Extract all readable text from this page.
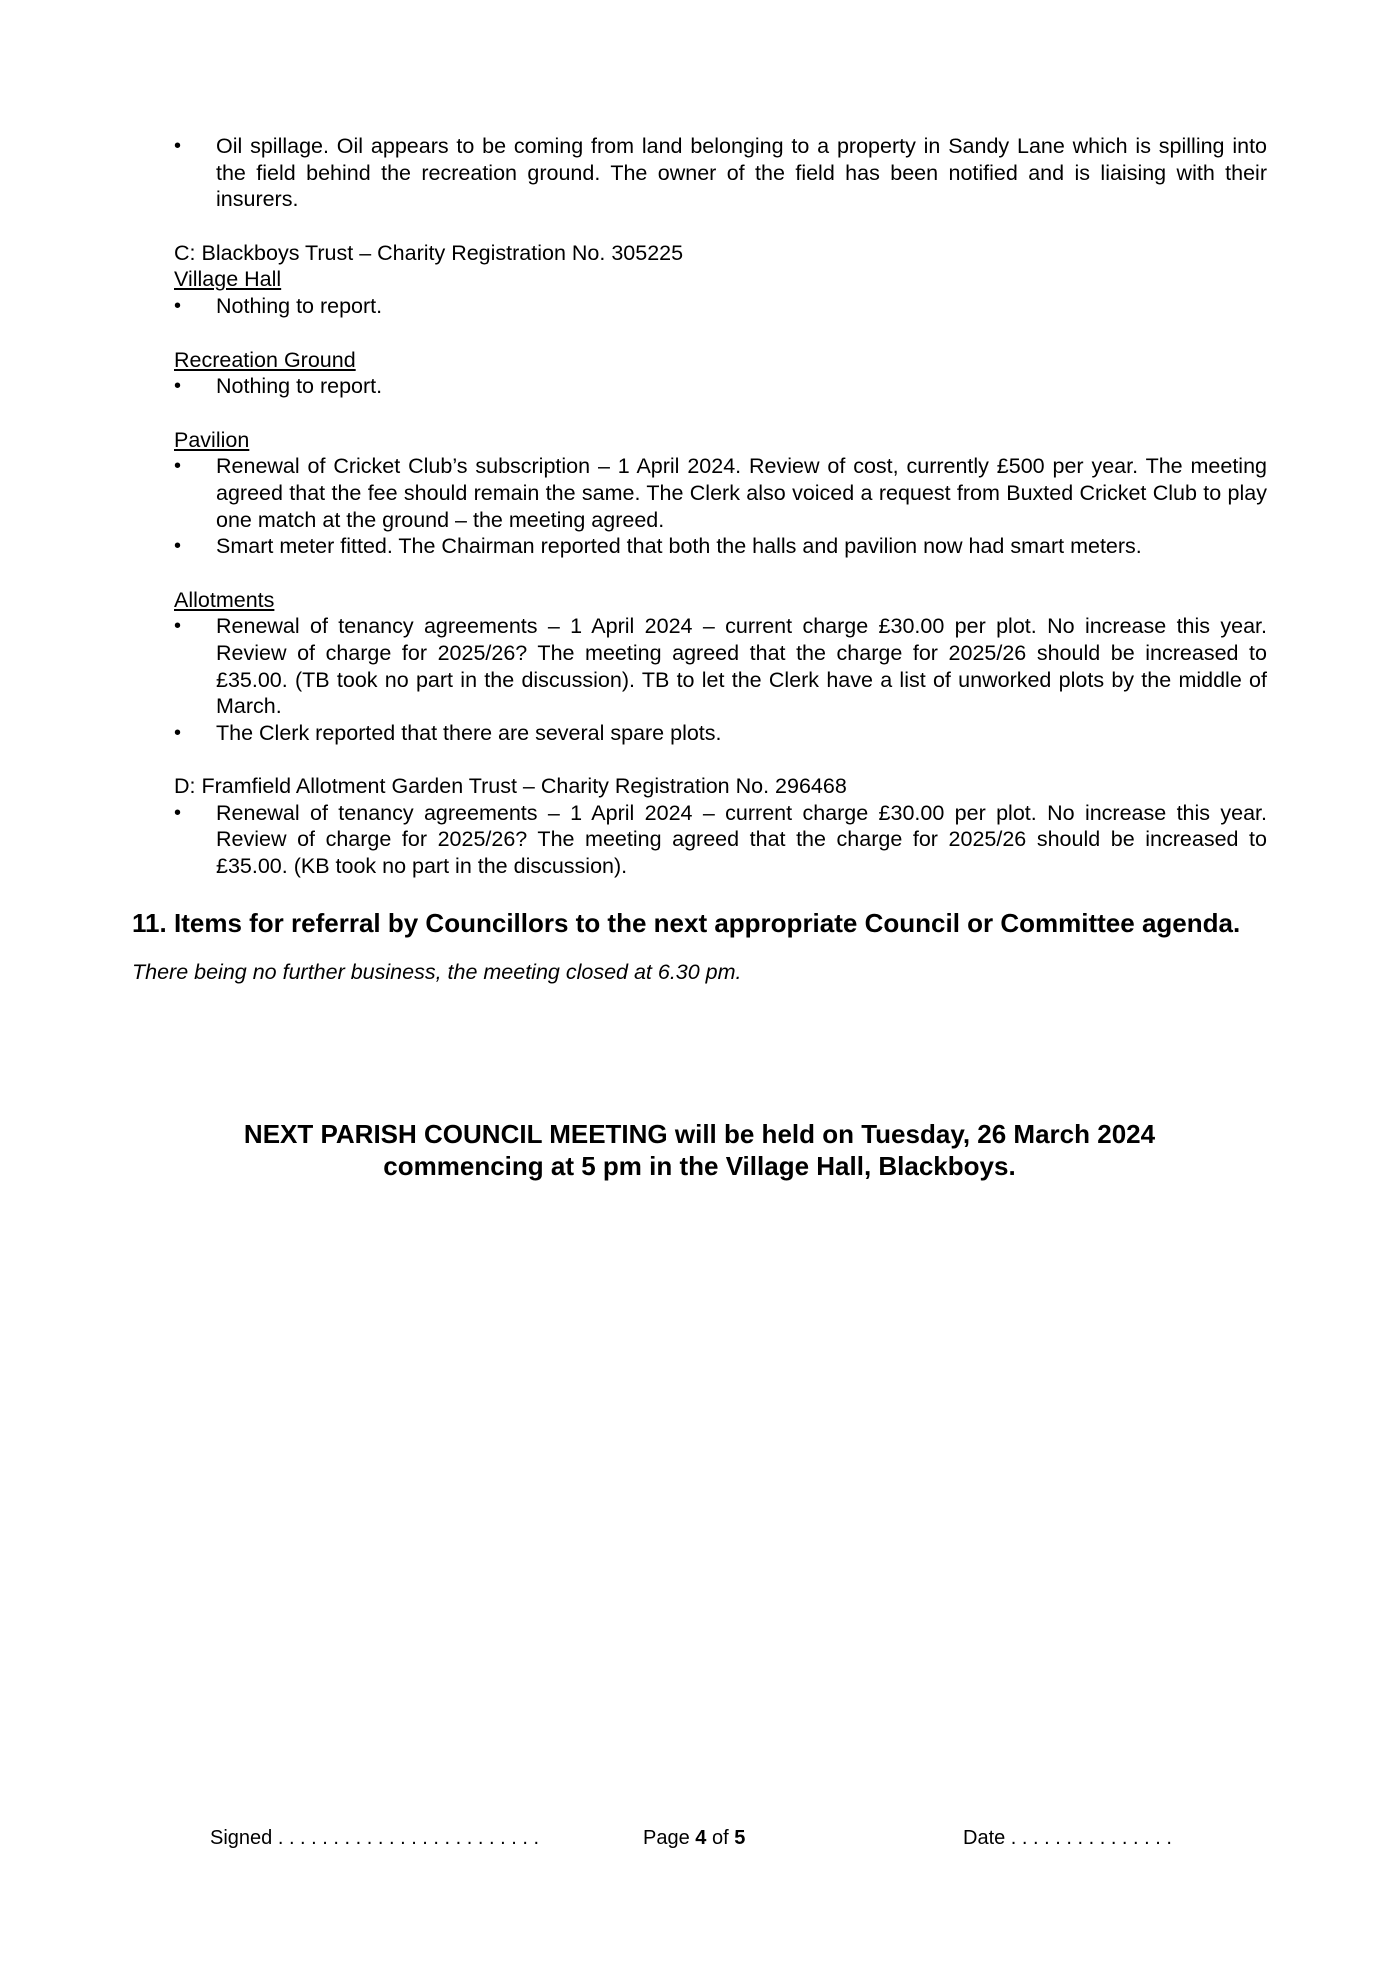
• Oil spillage. Oil appears to be coming from land belonging to a property in Sandy Lane which is spilling into the field behind the recreation ground. The owner of the field has been notified and is liaising with their insurers.

C: Blackboys Trust – Charity Registration No. 305225

Village Hall

• Nothing to report.

Recreation Ground

• Nothing to report.

Pavilion

• Renewal of Cricket Club’s subscription – 1 April 2024. Review of cost, currently £500 per year. The meeting agreed that the fee should remain the same. The Clerk also voiced a request from Buxted Cricket Club to play one match at the ground – the meeting agreed.
• Smart meter fitted. The Chairman reported that both the halls and pavilion now had smart meters.

Allotments

• Renewal of tenancy agreements – 1 April 2024 – current charge £30.00 per plot. No increase this year. Review of charge for 2025/26? The meeting agreed that the charge for 2025/26 should be increased to £35.00. (TB took no part in the discussion). TB to let the Clerk have a list of unworked plots by the middle of March.
• The Clerk reported that there are several spare plots.

D: Framfield Allotment Garden Trust – Charity Registration No. 296468

• Renewal of tenancy agreements – 1 April 2024 – current charge £30.00 per plot. No increase this year. Review of charge for 2025/26? The meeting agreed that the charge for 2025/26 should be increased to £35.00. (KB took no part in the discussion).
11. Items for referral by Councillors to the next appropriate Council or Committee agenda.

There being no further business, the meeting closed at 6.30 pm.

NEXT PARISH COUNCIL MEETING will be held on Tuesday, 26 March 2024
commencing at 5 pm in the Village Hall, Blackboys.
Signed . . . . . . . . . . . . . . . . . . . . . . . .	Page 4 of 5	Date . . . . . . . . . . . . . . .
